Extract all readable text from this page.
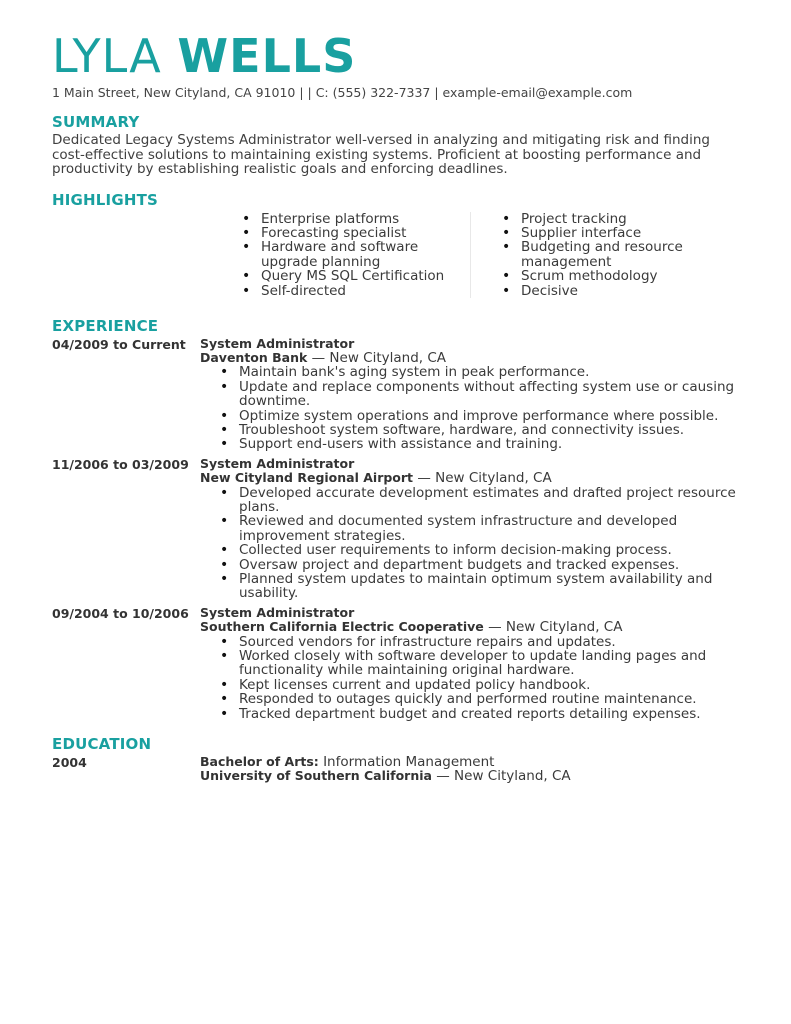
LYLA WELLS
1 Main Street, New Cityland, CA 91010 | | C: (555) 322-7337 | example-email@example.com
SUMMARY
Dedicated Legacy Systems Administrator well-versed in analyzing and mitigating risk and finding cost-effective solutions to maintaining existing systems. Proficient at boosting performance and productivity by establishing realistic goals and enforcing deadlines.
HIGHLIGHTS
• Enterprise platforms
• Forecasting specialist
• Hardware and software upgrade planning
• Query MS SQL Certification
• Self-directed
• Project tracking
• Supplier interface
• Budgeting and resource management
• Scrum methodology
• Decisive
EXPERIENCE
04/2009 to Current System Administrator
Daventon Bank — New Cityland, CA
• Maintain bank's aging system in peak performance.
• Update and replace components without affecting system use or causing downtime.
• Optimize system operations and improve performance where possible.
• Troubleshoot system software, hardware, and connectivity issues.
• Support end-users with assistance and training.
11/2006 to 03/2009 System Administrator
New Cityland Regional Airport — New Cityland, CA
• Developed accurate development estimates and drafted project resource plans.
• Reviewed and documented system infrastructure and developed improvement strategies.
• Collected user requirements to inform decision-making process.
• Oversaw project and department budgets and tracked expenses.
• Planned system updates to maintain optimum system availability and usability.
09/2004 to 10/2006 System Administrator
Southern California Electric Cooperative — New Cityland, CA
• Sourced vendors for infrastructure repairs and updates.
• Worked closely with software developer to update landing pages and functionality while maintaining original hardware.
• Kept licenses current and updated policy handbook.
• Responded to outages quickly and performed routine maintenance.
• Tracked department budget and created reports detailing expenses.
EDUCATION
2004	Bachelor of Arts: Information Management
University of Southern California — New Cityland, CA
